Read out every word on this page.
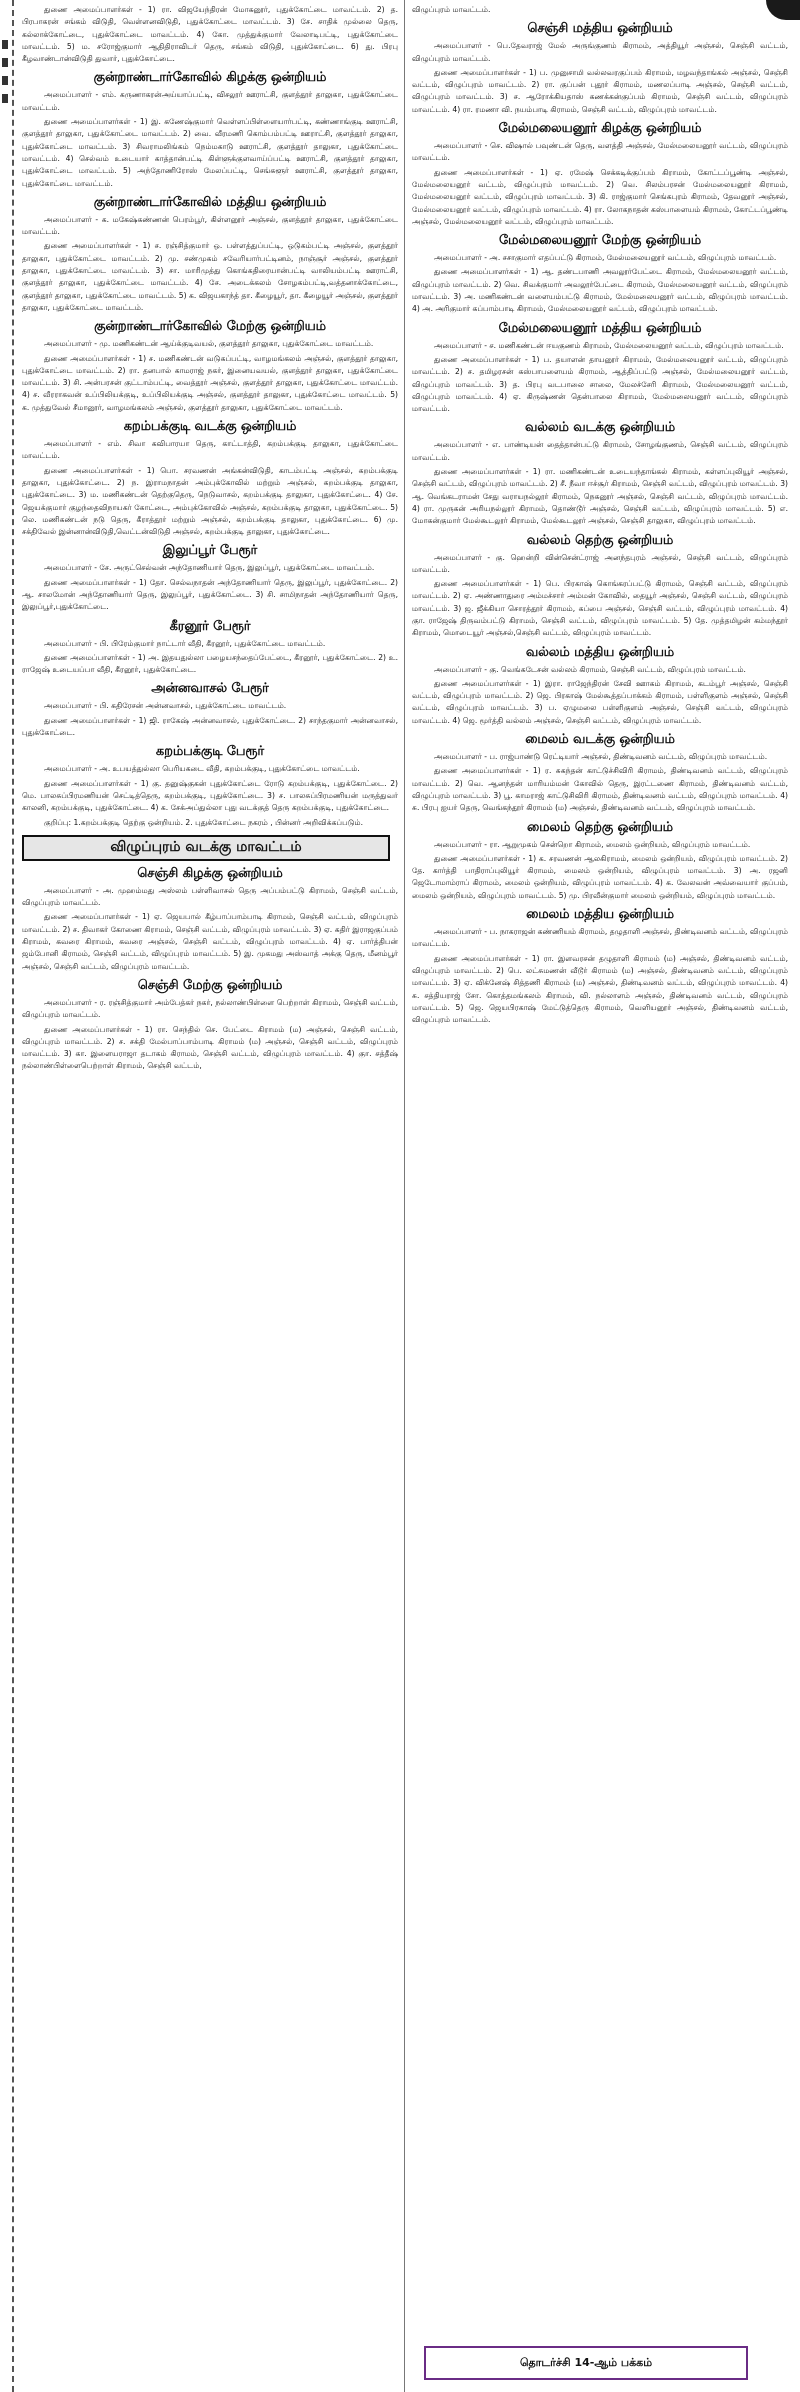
துணை அமைப்பாளர்கள் - 1) ரா. விஜயேந்திரன் மோகனூர், புதுக்கோட்டை மாவட்டம். 2) த. பிரபாகரன் சங்கம் விடுதி, வெள்ளனவிடுதி, புதுக்கோட்டை மாவட்டம். 3) சே. சாதிக் முல்லை தெரு, கல்லாக்கோட்டை, புதுக்கோட்டை மாவட்டம். 4) கோ. முத்துக்குமார் வேலாடிபட்டி, புதுக்கோட்டை மாவட்டம். 5) ம. சரோஜ்குமார் ஆதிதிராவிடர் தெரு, சங்கம் விடுதி, புதுக்கோட்டை. 6) து. பிரபு கீழவாண்டான்விடுதி துவார், புதுக்கோட்டை.
குன்றாண்டார்கோவில் கிழக்கு ஒன்றியம்
அமைப்பாளர் - எம். கருணாகரன்அய்யாப்பட்டி, விசலூர் ஊராட்சி, குளத்தூர் தாலுகா, புதுக்கோட்டை மாவட்டம்.
துணை அமைப்பாளர்கள் - 1) இ. கணேஷ்குமார் வெள்ளப்பிள்ளையார்பட்டி, கண்ணாங்குடி ஊராட்சி, குளத்தூர் தாலுகா, புதுக்கோட்டை மாவட்டம். 2) வை. வீரமணி கொம்பம்பட்டி ஊராட்சி, குளத்தூர் தாலுகா, புதுக்கோட்டை மாவட்டம். 3) சிவராமலிங்கம் நெம்மகாடு ஊராட்சி, குளத்தூர் தாலுகா, புதுக்கோட்டை மாவட்டம். 4) செல்வம் உடையார் காத்தான்பட்டி கிள்ளுக்குளவாய்ப்பட்டி ஊராட்சி, குளத்தூர் தாலுகா, புதுக்கோட்டை மாவட்டம். 5) அந்தோணிரோஸ் மேலப்பட்டி, செங்களூர் ஊராட்சி, குளத்தூர் தாலுகா, புதுக்கோட்டை மாவட்டம்.
குன்றாண்டார்கோவில் மத்திய ஒன்றியம்
அமைப்பாளர் - க. மகேஷ்கண்ணன் பெரம்பூர், கிள்ளனூர் அஞ்சல், குளத்தூர் தாலுகா, புதுக்கோட்டை மாவட்டம்.
துணை அமைப்பாளர்கள் - 1) ச. ரஞ்சித்குமார் ஒ. பள்ளத்துப்பட்டி, ஒடுகம்பட்டி அஞ்சல், குளத்தூர் தாலுகா, புதுக்கோட்டை மாவட்டம். 2) மு. சண்முகம் சவேரியார்பட்டினம், நாஞ்சூர் அஞ்சல், குளத்தூர் தாலுகா, புதுக்கோட்டை மாவட்டம். 3) சா. மாரிமுத்து கொங்கதிரையான்பட்டி வாலியம்பட்டி ஊராட்சி, குளத்தூர் தாலுகா, புதுக்கோட்டை மாவட்டம். 4) சே. அடைக்கலம் சோழகம்பட்டி,வத்தனாக்கோட்டை, குளத்தூர் தாலுகா, புதுக்கோட்டை மாவட்டம். 5) க. விஜயகாந்த் தா. கீழையூர், தா. கீழையூர் அஞ்சல், குளத்தூர் தாலுகா, புதுக்கோட்டை மாவட்டம்.
குன்றாண்டார்கோவில் மேற்கு ஒன்றியம்
அமைப்பாளர் - மு. மணிகண்டன் ஆய்க்குடிவயல், குளத்தூர் தாலுகா, புதுக்கோட்டை மாவட்டம்.
துணை அமைப்பாளர்கள் - 1) ச. மணிகண்டன் வடுகப்பட்டி, வாழமங்கலம் அஞ்சல், குளத்தூர் தாலுகா, புதுக்கோட்டை மாவட்டம். 2) ரா. தனபால் காமராஜ் நகர், இனையவயல், குளத்தூர் தாலுகா, புதுக்கோட்டை மாவட்டம். 3) சி. அன்பரசன் குட்டாம்பட்டி, வைத்தூர் அஞ்சல், குளத்தூர் தாலுகா, புதுக்கோட்டை மாவட்டம். 4) ச. வீரராகவன் உப்பிலியக்குடி, உப்பிலியக்குடி அஞ்சல், குளத்தூர் தாலுகா, புதுக்கோட்டை மாவட்டம். 5) க. முத்துவேல் சீமானூர், வாழமங்கலம் அஞ்சல், குளத்தூர் தாலுகா, புதுக்கோட்டை மாவட்டம்.
கறம்பக்குடி வடக்கு ஒன்றியம்
அமைப்பாளர் - எம். சிவா கவிபாரயா தெரு, காட்டாத்தி, கறம்பக்குடி தாலுகா, புதுக்கோட்டை மாவட்டம்.
துணை அமைப்பாளர்கள் - 1) பொ. சரவணன் அங்கன்விடுதி, காடம்பட்டி அஞ்சல், கறம்பக்குடி தாலுகா, புதுக்கோட்டை. 2) ந. இராமநாதன் அம்புக்கோவில் மற்றும் அஞ்சல், கறம்பக்குடி தாலுகா, புதுக்கோட்டை. 3) ம. மணிகண்டன் தெற்குதெரு, நெடுவாசல், கறம்பக்குடி தாலுகா, புதுக்கோட்டை. 4) சே. ஜெயக்குமார் குழந்தைவிநாயகர் கோட்டை, அம்புக்கோவில் அஞ்சல், கறம்பக்குடி தாலுகா, புதுக்கோட்டை. 5) லெ. மணிகண்டன் நடு தெரு, கீராத்தூர் மற்றும் அஞ்சல், கறம்பக்குடி தாலுகா, புதுக்கோட்டை. 6) மு. சக்திவேல் இன்னான்விடுதி,வெட்டன்விடுதி அஞ்சல், கறம்பக்குடி தாலுகா, புதுக்கோட்டை.
இலுப்பூர் பேரூர்
அமைப்பாளர் - சே. அருட்செல்வன் அந்தோணியார் தெரு, இலுப்பூர், புதுக்கோட்டை மாவட்டம்.
துணை அமைப்பாளர்கள் - 1) தோ. செல்வநாதன் அந்தோணியார் தெரு, இலுப்பூர், புதுக்கோட்டை. 2) ஆ. சாலமோன் அந்தோணியார் தெரு, இலுப்பூர், புதுக்கோட்டை. 3) சி. சாமிநாதன் அந்தோணியார் தெரு, இலுப்பூர்,புதுக்கோட்டை.
கீரனூர் பேரூர்
அமைப்பாளர் - பி. பிரேம்குமார் நாட்டார் வீதி, கீரனூர், புதுக்கோட்டை மாவட்டம்.
துணை அமைப்பாளர்கள் - 1) அ. இதயதுல்லா பழையசந்தைப்பேட்டை, கீரனூர், புதுக்கோட்டை. 2) உ. ராஜேஷ் உடையப்பா வீதி, கீரனூர், புதுக்கோட்டை.
அன்னவாசல் பேரூர்
அமைப்பாளர் - பி. கதிரேசன் அன்னவாசல், புதுக்கோட்டை மாவட்டம்.
துணை அமைப்பாளர்கள் - 1) ஜி. ராகேஷ் அன்னவாசல், புதுக்கோட்டை. 2) சாந்தகுமார் அன்னவாசல், புதுக்கோட்டை.
கறம்பக்குடி பேரூர்
அமைப்பாளர் - அ. உபயத்துல்லா பெரியகடை வீதி, கறம்பக்குடி, புதுக்கோட்டை மாவட்டம்.
துணை அமைப்பாளர்கள் - 1) கு. தனுஷ்குகன் புதுக்கோட்டை ரோடு கறம்பக்குடி, புதுக்கோட்டை. 2) மெ. பாலசுப்பிரமணியன் செட்டித்தெரு, கறம்பக்குடி, புதுக்கோட்டை. 3) ச. பாலசுப்பிரமணியன் மருத்துவர் காலனி, கறம்பக்குடி, புதுக்கோட்டை. 4) க. சேக்அப்துல்லா புது வடக்குத் தெரு கறம்பக்குடி, புதுக்கோட்டை.
குறிப்பு: 1.கறம்பக்குடி தெற்கு ஒன்றியம். 2. புதுக்கோட்டை நகரம் , பின்னர் அறிவிக்கப்படும்.
விழுப்புரம் வடக்கு மாவட்டம்
செஞ்சி கிழக்கு ஒன்றியம்
அமைப்பாளர் - அ. முஹம்மது அஸ்லம் பள்ளிவாசல் தெரு அப்பம்பட்டு கிராமம், செஞ்சி வட்டம், விழுப்புரம் மாவட்டம்.
துணை அமைப்பாளர்கள் - 1) ஏ. ஜெயபால் கீழ்பாப்பாம்பாடி கிராமம், செஞ்சி வட்டம், விழுப்புரம் மாவட்டம். 2) ச. திவாகர் கோணை கிராமம், செஞ்சி வட்டம், விழுப்புரம் மாவட்டம். 3) ஏ. கதிர் இராஜகுப்பம் கிராமம், கவரை கிராமம், கவரை அஞ்சல், செஞ்சி வட்டம், விழுப்புரம் மாவட்டம். 4) ஏ. பார்த்திபன் ஜம்போனி கிராமம், செஞ்சி வட்டம், விழுப்புரம் மாவட்டம். 5) இ. முகமது அஸ்வாத் அக்கு தெரு, மீனம்பூர் அஞ்சல், செஞ்சி வட்டம், விழுப்புரம் மாவட்டம்.
செஞ்சி மேற்கு ஒன்றியம்
அமைப்பாளர் - ர. ரஞ்சித்குமார் அம்பேத்கர் நகர், நல்லாண்பிள்ளை பெற்றாள் கிராமம், செஞ்சி வட்டம், விழுப்புரம் மாவட்டம்.
துணை அமைப்பாளர்கள் - 1) ரா. செந்தில் செ. பேட்டை கிராமம் (ம) அஞ்சல், செஞ்சி வட்டம், விழுப்புரம் மாவட்டம். 2) ச. சக்தி மேல்பாப்பாம்பாடி கிராமம் (ம) அஞ்சல், செஞ்சி வட்டம், விழுப்புரம் மாவட்டம். 3) கா. இளையராஜா தடாகம் கிராமம், செஞ்சி வட்டம், விழுப்புரம் மாவட்டம். 4) குா. சத்தீஷ் நல்லாண்பிள்ளைபெற்றாள் கிராமம், செஞ்சி வட்டம்,
விழுப்புரம் மாவட்டம்.
செஞ்சி மத்திய ஒன்றியம்
அமைப்பாளர் - பெ.தேவராஜ் மேல் அருங்குணம் கிராமம், அத்தியூர் அஞ்சல், செஞ்சி வட்டம், விழுப்புரம் மாவட்டம்.
துணை அமைப்பாளர்கள் - 1) ப. முனுசாமி வல்லவரகுப்பம் கிராமம், மழவந்தாங்கல் அஞ்சல், செஞ்சி வட்டம், விழுப்புரம் மாவட்டம். 2) ரா. குப்பன் புதூர் கிராமம், மணலப்பாடி அஞ்சல், செஞ்சி வட்டம், விழுப்புரம் மாவட்டம். 3) ச. ஆரோக்கியதாஸ் கணக்கன்குப்பம் கிராமம், செஞ்சி வட்டம், விழுப்புரம் மாவட்டம். 4) ரா. ரமணா வி. நயம்பாடி கிராமம், செஞ்சி வட்டம், விழுப்புரம் மாவட்டம்.
மேல்மலையனூர் கிழக்கு ஒன்றியம்
அமைப்பாளர் - செ. விஷால் பவுண்டன் தெரு, வளத்தி அஞ்சல், மேல்மலையனூர் வட்டம், விழுப்புரம் மாவட்டம்.
துணை அமைப்பாளர்கள் - 1) ஏ. ரமேஷ் செக்கடிக்குப்பம் கிராமம், கோட்டப்பூண்டி அஞ்சல், மேல்மலையனூர் வட்டம், விழுப்புரம் மாவட்டம். 2) வெ. சிலம்பரசன் மேல்மலையனூர் கிராமம், மேல்மலையனூர் வட்டம், விழுப்புரம் மாவட்டம். 3) கி. ராஜ்குமார் செங்கபுரம் கிராமம், தேவனூர் அஞ்சல், மேல்மலையனூர் வட்டம், விழுப்புரம் மாவட்டம். 4) ரா. லோகநாதன் கஸ்பாளையம் கிராமம், கோட்டப்பூண்டி அஞ்சல், மேல்மலையனூர் வட்டம், விழுப்புரம் மாவட்டம்.
மேல்மலையனூர் மேற்கு ஒன்றியம்
அமைப்பாளர் - அ. சசாகுமார் எதப்பட்டு கிராமம், மேல்மலையனூர் வட்டம், விழுப்புரம் மாவட்டம்.
துணை அமைப்பாளர்கள் - 1) ஆ. தண்டபாணி அவலூர்பேட்டை கிராமம், மேல்மலையனூர் வட்டம், விழுப்புரம் மாவட்டம். 2) வெ. சிவக்குமார் அவலூர்பேட்டை கிராமம், மேல்மலையனூர் வட்டம், விழுப்புரம் மாவட்டம். 3) அ. மணிகண்டன் வளையம்பட்டு கிராமம், மேல்மலையனூர் வட்டம், விழுப்புரம் மாவட்டம். 4) அ. அரிகுமார் கப்பாம்பாடி கிராமம், மேல்மலையனூர் வட்டம், விழுப்புரம் மாவட்டம்.
மேல்மலையனூர் மத்திய ஒன்றியம்
அமைப்பாளர் - ச. மணிகண்டன் ஈயகுணம் கிராமம், மேல்மலையனூர் வட்டம், விழுப்புரம் மாவட்டம்.
துணை அமைப்பாளர்கள் - 1) ப. தயாளன் தாயனூர் கிராமம், மேல்மலையனூர் வட்டம், விழுப்புரம் மாவட்டம். 2) ச. தமிழரசன் கஸ்பாபளையம் கிராமம், ஆத்திப்பட்டு அஞ்சல், மேல்மலையனூர் வட்டம், விழுப்புரம் மாவட்டம். 3) த. பிரபு வடபாலை சாலை, மேலச்சேரி கிராமம், மேல்மலையனூர் வட்டம், விழுப்புரம் மாவட்டம். 4) ஏ. கிருஷ்ணன் தென்பாலை கிராமம், மேல்மலையனூர் வட்டம், விழுப்புரம் மாவட்டம்.
வல்லம் வடக்கு ஒன்றியம்
அமைப்பாளர் - எ. பாண்டியன் தைத்தான்பட்டு கிராமம், சோழங்குணம், செஞ்சி வட்டம், விழுப்புரம் மாவட்டம்.
துணை அமைப்பாளர்கள் - 1) ரா. மணிகண்டன் உடையந்தாங்கல் கிராமம், கள்ளப்புலியூர் அஞ்சல், செஞ்சி வட்டம், விழுப்புரம் மாவட்டம். 2) சீ. நீவா ஈச்சூர் கிராமம், செஞ்சி வட்டம், விழுப்புரம் மாவட்டம். 3) ஆ. வெங்கடராமன் சேது வராயநல்லூர் கிராமம், நெகனூர் அஞ்சல், செஞ்சி வட்டம், விழுப்புரம் மாவட்டம். 4) ரா. முருகன் அரியநல்லூர் கிராமம், தொண்டூர் அஞ்சல், செஞ்சி வட்டம், விழுப்புரம் மாவட்டம். 5) எ. மோகன்குமார் மேல்கூடலூர் கிராமம், மேல்கூடலூர் அஞ்சல், செஞ்சி தாலுகா, விழுப்புரம் மாவட்டம்.
வல்லம் தெற்கு ஒன்றியம்
அமைப்பாளர் - கு. ஹென்றி வின்சென்ட்ராஜ் அனந்தபுரம் அஞ்சல், செஞ்சி வட்டம், விழுப்புரம் மாவட்டம்.
துணை அமைப்பாளர்கள் - 1) பெ. பிரகாஷ் கொங்கரப்பட்டு கிராமம், செஞ்சி வட்டம், விழுப்புரம் மாவட்டம். 2) ஏ. அண்ணாதுரை அம்மச்சார் அம்மன் கோவில், தையூர் அஞ்சல், செஞ்சி வட்டம், விழுப்புரம் மாவட்டம். 3) ஜ. ஜீக்கியா சொரத்தூர் கிராமம், கப்பை அஞ்சல், செஞ்சி வட்டம், விழுப்புரம் மாவட்டம். 4) குா. ராஜேஷ் திருவம்பட்டு கிராமம், செஞ்சி வட்டம், விழுப்புரம் மாவட்டம். 5) தே. முத்தமிழன் கம்மந்தூர் கிராமம், மொடையூர் அஞ்சல்,செஞ்சி வட்டம், விழுப்புரம் மாவட்டம்.
வல்லம் மத்திய ஒன்றியம்
அமைப்பாளர் - கு. வெங்கடேசன் வல்லம் கிராமம், செஞ்சி வட்டம், விழுப்புரம் மாவட்டம்.
துணை அமைப்பாளர்கள் - 1) இரா. ராஜேந்திரன் சேவி ஊாகம் கிராமம், கடம்பூர் அஞ்சல், செஞ்சி வட்டம், விழுப்புரம் மாவட்டம். 2) ஜெ. பிரகாஷ் மேல்கூத்தப்பாக்கம் கிராமம், பள்ளிகுளம் அஞ்சல், செஞ்சி வட்டம், விழுப்புரம் மாவட்டம். 3) ப. ஏழுமலை பள்ளிகுளம் அஞ்சல், செஞ்சி வட்டம், விழுப்புரம் மாவட்டம். 4) ஜெ. மூர்த்தி வல்லம் அஞ்சல், செஞ்சி வட்டம், விழுப்புரம் மாவட்டம்.
மைலம் வடக்கு ஒன்றியம்
அமைப்பாளர் - ப. ராஜ்பாண்டு ரெட்டியார் அஞ்சல், திண்டிவனம் வட்டம், விழுப்புரம் மாவட்டம்.
துணை அமைப்பாளர்கள் - 1) ர. சுகந்தன் காட்டுச்சிவிரி கிராமம், திண்டிவனம் வட்டம், விழுப்புரம் மாவட்டம். 2) வெ. ஆனந்தன் மாரியம்மன் கோவில் தெரு, இரட்டணை கிராமம், திண்டிவனம் வட்டம், விழுப்புரம் மாவட்டம். 3) பூ. காமராஜ் காட்டுசிவிரி கிராமம், திண்டிவனம் வட்டம், விழுப்புரம் மாவட்டம். 4) சு. பிரபு ஐயர் தெரு, வெங்கந்தூர் கிராமம் (ம) அஞ்சல், திண்டிவனம் வட்டம், விழுப்புரம் மாவட்டம்.
மைலம் தெற்கு ஒன்றியம்
அமைப்பாளர் - ரா. ஆறுமுகம் சென்றொ கிராமம், மைலம் ஒன்றியம், விழுப்புரம் மாவட்டம்.
துணை அமைப்பாளர்கள் - 1) க. சரவணன் ஆலகிராமம், மைலம் ஒன்றியம், விழுப்புரம் மாவட்டம். 2) தே. கார்த்தி பாதிராப்புலியூர் கிராமம், மைலம் ஒன்றியம், விழுப்புரம் மாவட்டம். 3) அ. ரஜனி ஜெடோமாம்ராப் கிராமம், மைலம் ஒன்றியம், விழுப்புரம் மாவட்டம். 4) க. வேலவன் அவ்வையார் குப்பம், மைலம் ஒன்றியம், விழுப்புரம் மாவட்டம். 5) மு. பிரவீன்குமார் மைலம் ஒன்றியம், விழுப்புரம் மாவட்டம்.
மைலம் மத்திய ஒன்றியம்
அமைப்பாளர் - ப. நாகராஜன் கண்ணியம் கிராமம், தழுதாளி அஞ்சல், திண்டிவனம் வட்டம், விழுப்புரம் மாவட்டம்.
துணை அமைப்பாளர்கள் - 1) ரா. இளவரசன் தழுதாளி கிராமம் (ம) அஞ்சல், திண்டிவனம் வட்டம், விழுப்புரம் மாவட்டம். 2) பெ. லட்சுமணன் வீடூர் கிராமம் (ம) அஞ்சல், திண்டிவனம் வட்டம், விழுப்புரம் மாவட்டம். 3) ஏ. விக்னேஷ் சித்தணி கிராமம் (ம) அஞ்சல், திண்டிவனம் வட்டம், விழுப்புரம் மாவட்டம். 4) சு. சத்தியராஜ் சோ. கொத்தமங்கலம் கிராமம், வி. நல்லாளம் அஞ்சல், திண்டிவனம் வட்டம், விழுப்புரம் மாவட்டம். 5) ஜெ. ஜெயபிரகாஷ் மேட்டுத்தெரு கிராமம், வெளியனூர் அஞ்சல், திண்டிவனம் வட்டம், விழுப்புரம் மாவட்டம்.
தொடர்ச்சி 14-ஆம் பக்கம்
